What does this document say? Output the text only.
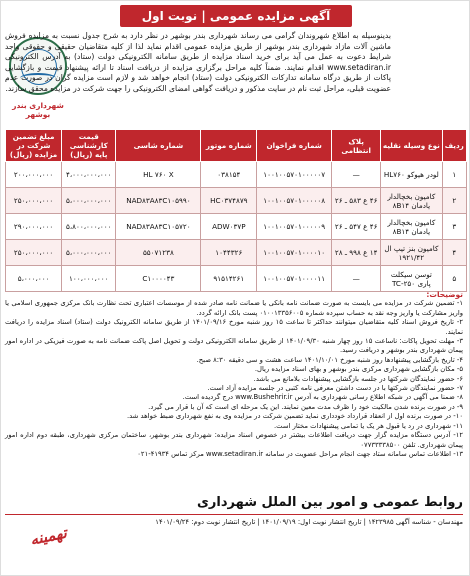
آگهی مزایده عمومی | نوبت اول
شهرداری بندر بوشهر
بدینوسیله به اطلاع شهروندان گرامی می رساند شهرداری بندر بوشهر در نظر دارد به شرح جدول نسبت به مزایده فروش ماشین آلات مازاد شهرداری بندر بوشهر از طریق مزایده عمومی اقدام نماید لذا از کلیه متقاضیان حقیقی و حقوقی واجد شرایط دعوت به عمل می آید برای خرید اسناد مزایده از طریق سامانه الکترونیکی دولت (ستاد) به آدرس الکترونیکی www.setadiran.ir اقدام نمایند. ضمناً کلیه مراحل برگزاری مزایده از دریافت اسناد تا ارائه پیشنهاد قیمت و بازگشایی پاکات از طریق درگاه سامانه تدارکات الکترونیکی دولت (ستاد) انجام خواهد شد و لازم است مزایده گران در صورت عدم عضویت قبلی، مراحل ثبت نام در سایت مذکور و دریافت گواهی امضای الکترونیکی را جهت شرکت در مزایده محقق سازند.
ردیف	نوع وسیله نقلیه	پلاک انتظامی	شماره فراخوان	شماره موتور	شماره شاسی	قیمت کارشناسی پایه (ریال)	مبلغ تضمین شرکت در مزایده (ریال)
۱	لودر هیوکو HL۷۶۰	—	۱۰۰۱۰۰۵۷۰۱۰۰۰۰۰۷	۰۳۸۱۵۴	HL ۷۶۰ X	۴،۰۰۰،۰۰۰،۰۰۰	۲۰۰،۰۰۰،۰۰۰
۲	کامیون بخچالدار یادمان ۸B۱۴	۴۶ ع ۵۸۳ ـ ۲۶	۱۰۰۱۰۰۵۷۰۱۰۰۰۰۰۸	HC۰۳۷۴۸۷۹	NAD۸۳A۸۳C۱۰۵۹۹۰	۵،۰۰۰،۰۰۰،۰۰۰	۲۵۰،۰۰۰،۰۰۰
۳	کامیون بخچالدار یادمان ۸B۱۴	۴۶ ع ۵۴۷ ـ ۲۶	۱۰۰۱۰۰۵۷۰۱۰۰۰۰۰۹	ADW۰۳۷P	NAD۸۳A۸۳C۱۰۵۷۲۰	۵،۸۰۰،۰۰۰،۰۰۰	۲۹۰،۰۰۰،۰۰۰
۴	کامیون بنز تیپ ال ۱۹۲۱/۴۲	۱۴ ع ۹۹۸ ـ ۲۸	۱۰۰۱۰۰۵۷۰۱۰۰۰۰۱۰	۱۰۴۴۳۲۶	۵۵۰۷۱۲۳۸	۵،۰۰۰،۰۰۰،۰۰۰	۲۵۰،۰۰۰،۰۰۰
۵	توسن سیکلت پاری ۲۵۰-TC	—	۱۰۰۱۰۰۵۷۰۱۰۰۰۰۱۱	۹۱۵۱۴۲۶۱	C۱۰۰۰۰۴۳	۱۰۰،۰۰۰،۰۰۰	۵،۰۰۰،۰۰۰
توضیحات:

۱- تضمین شرکت در مزایده می بایست به صورت ضمانت نامه بانکی یا ضمانت نامه صادر شده از موسسات اعتباری تحت نظارت بانک مرکزی جمهوری اسلامی یا واریز مشارکت یا واریز وجه نقد به حساب سپرده شماره ۰۱۰۰۱۳۳۵۶۰۰۵ پست بانک ارائه گردد.

۲- تاریخ فروش اسناد کلیه متقاضیان میتوانند حداکثر تا ساعت ۱۵ روز شنبه مورخ ۱۴۰۱/۰۹/۱۶ از طریق سامانه الکترونیک دولت (ستاد) اسناد مزایده را دریافت نمایند.

۳- مهلت تحویل پاکات: ناساعت ۱۵ روز چهار شنبه ۱۴۰۱/۰۹/۳۰ از طریق سامانه الکترونیکی دولت و تحویل اصل پاکت ضمانت نامه به صورت فیزیکی در اداره امور پیمان شهرداری بندر بوشهر و دریافت رسید.

۴- تاریخ بازگشایی پیشنهادها روز شنبه مورخ ۱۴۰۱/۱۰/۰۱ ساعت هشت و سی دقیقه ۸:۳۰ صبح.

۵- مکان بازگشایی شهرداری مرکزی بندر بوشهر و بهای اسناد مزایده ریال.

۶- حضور نمایندگان شرکتها در جلسه بازگشایی پیشنهادات بلامانع می باشد.

۷- حضور نمایندگان شرکتها با در دست داشتن معرفی نامه کتبی در جلسه مزایده آزاد است.

۸- ضمنا می آگهی در شبکه اطلاع رسانی شهرداری به آدرس www.Bushehrir.ir درج گردیده است.

۹- در صورت برنده شدن مالکیت خود را ظرف مدت معین نمایند. این یک مرحله ای است که آن با قرار می گیرد.

۱۰- در صورت برنده اول از انعقاد قرارداد خودداری نماید تضمین شرکت در مزایده وی به نفع شهرداری ضبط خواهد شد.

۱۱- شهرداری در رد یا قبول هر یک یا تمامی پیشنهادات مختار است.

۱۲- آدرس دستگاه مزایده گزار جهت دریافت اطلاعات بیشتر در خصوص اسناد مزایده: شهرداری بندر بوشهر، ساختمان مرکزی شهرداری، طبقه دوم اداره امور پیمان شهرداری. تلفن ۰۷۷۳۳۳۳۸۵۰۰

۱۳- اطلاعات تماس سامانه ستاد جهت انجام مراحل عضویت در سامانه www.setadiran.ir مرکز تماس ۴۱۹۳۴-۰۲۱

روابط عمومی و امور بین الملل شهرداری
مهندسان - شناسه آگهی ۱۴۲۳۹۸۵ | تاریخ انتشار نوبت اول: ۱۴۰۱/۰۹/۱۹ | تاریخ انتشار نوبت دوم: ۱۴۰۱/۰۹/۲۴
تهمینه
